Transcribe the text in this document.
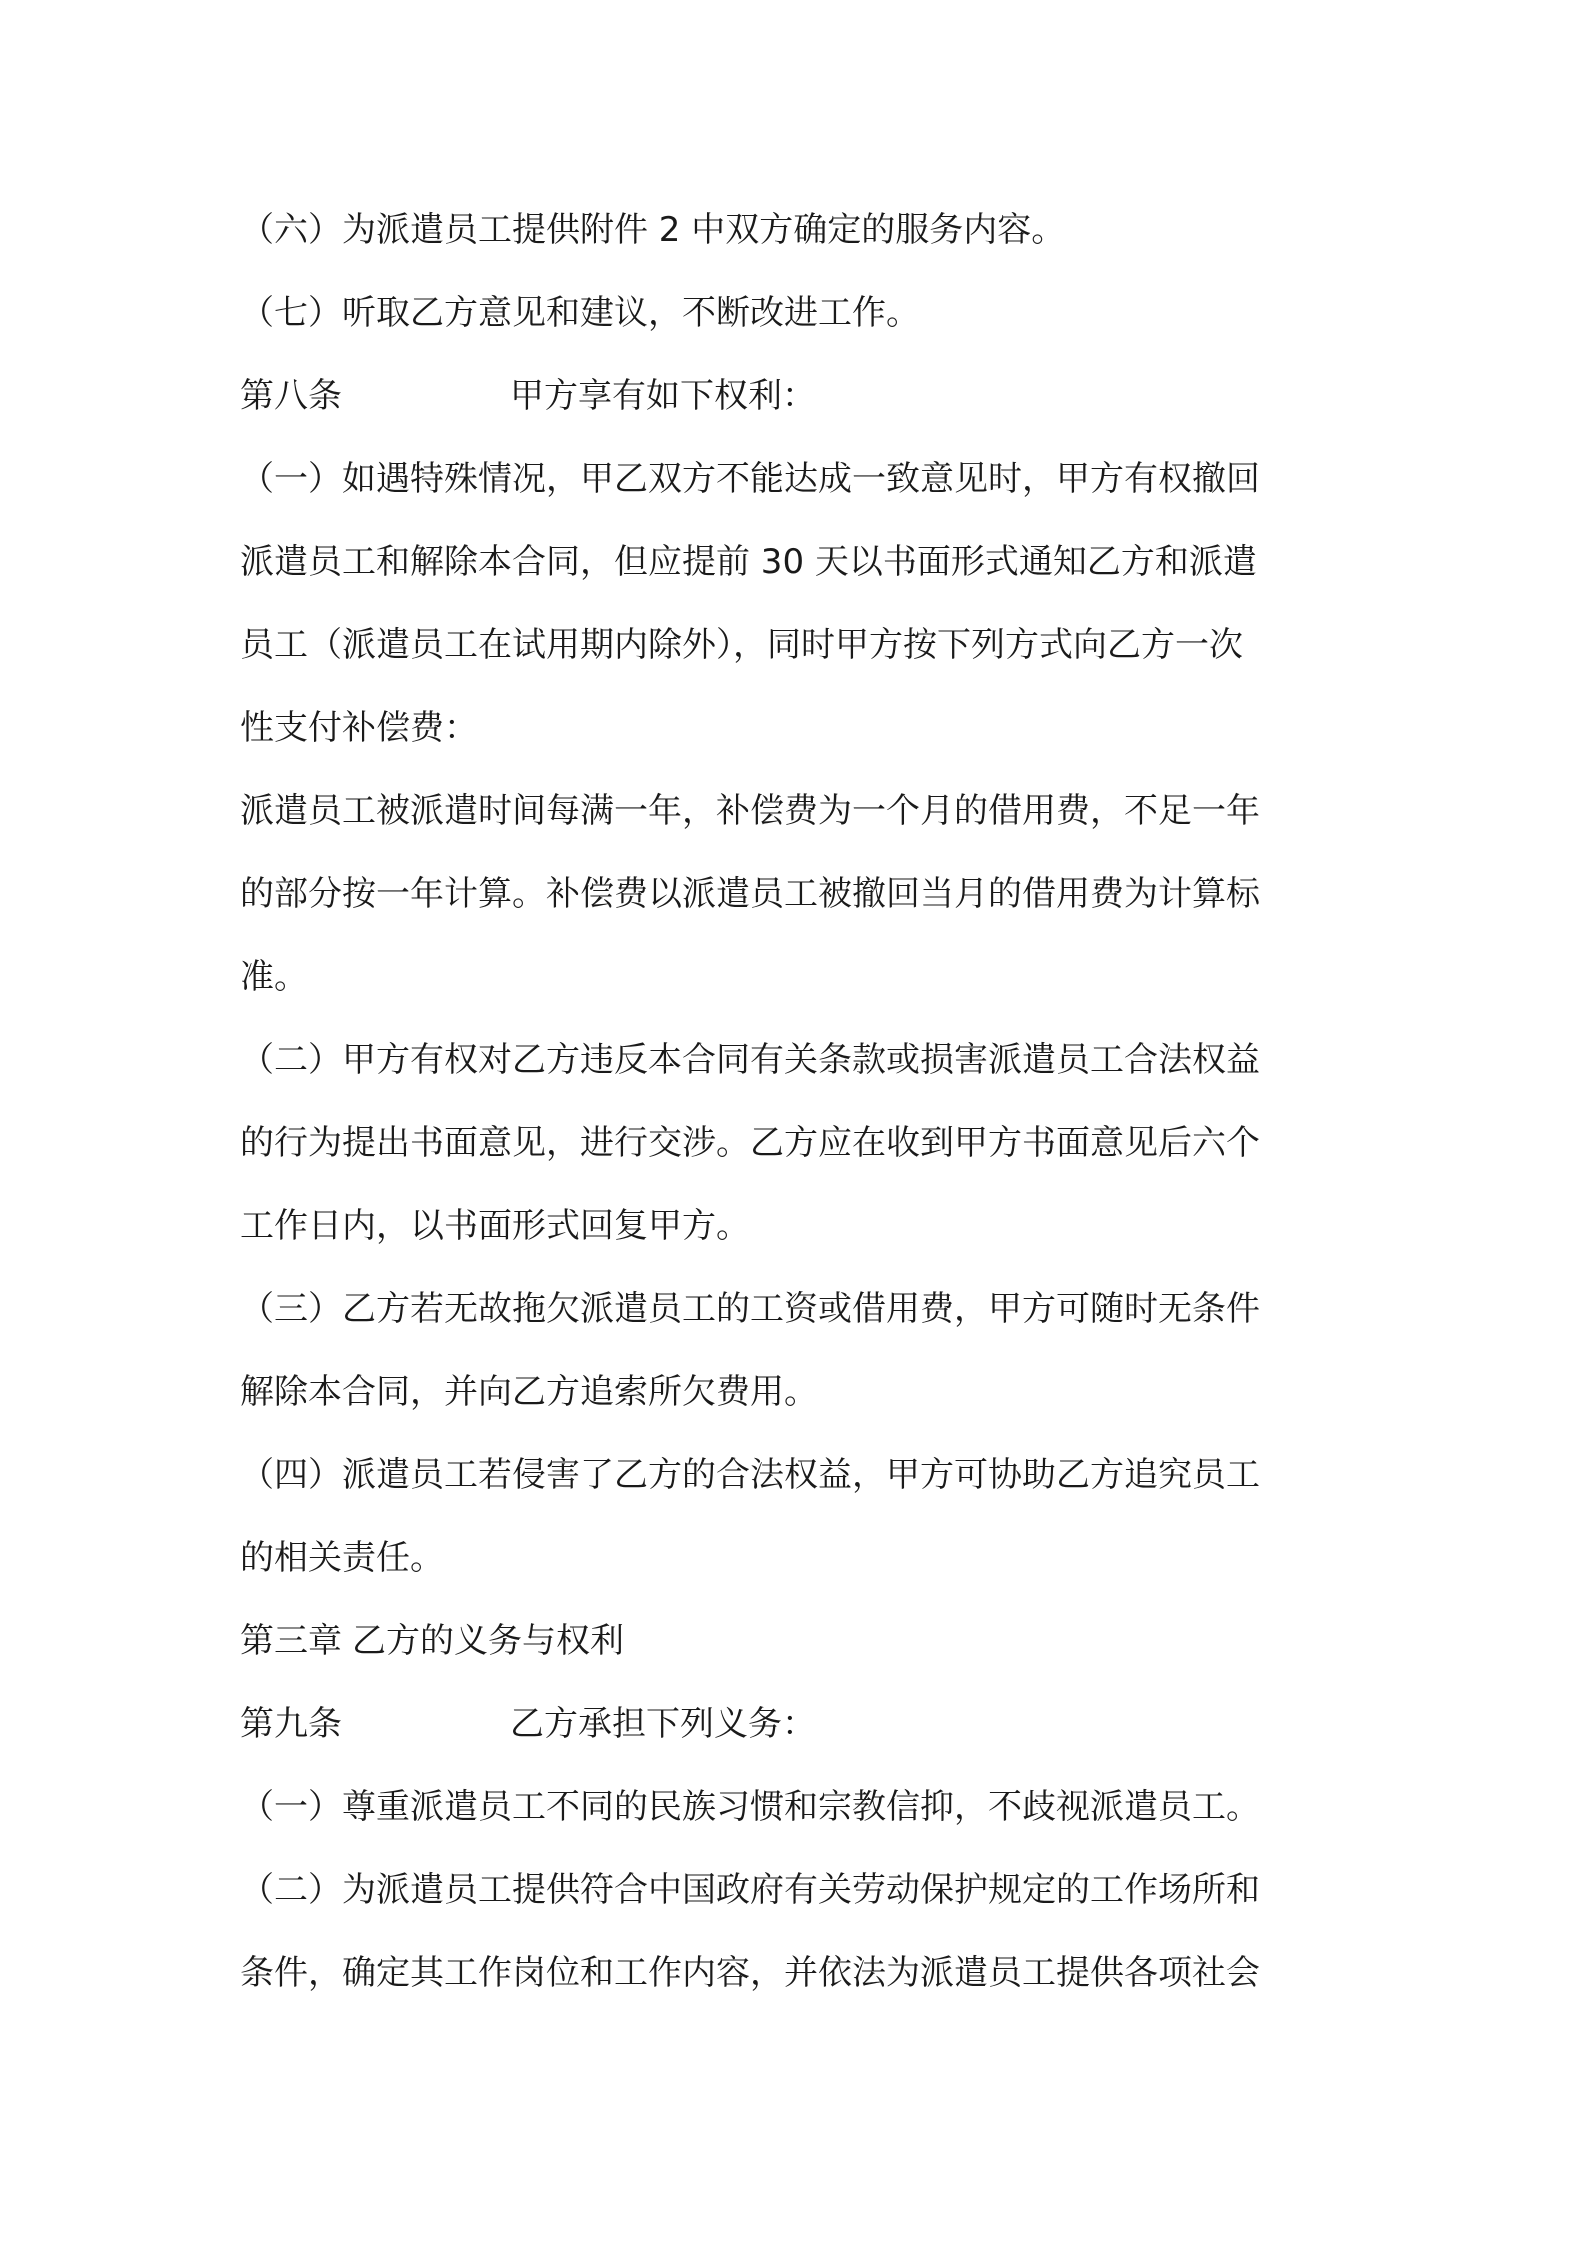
（六）为派遣员工提供附件 2 中双方确定的服务内容。
（七）听取乙方意见和建议，不断改进工作。
第八条	甲方享有如下权利：
（一）如遇特殊情况，甲乙双方不能达成一致意见时，甲方有权撤回
派遣员工和解除本合同，但应提前 30 天以书面形式通知乙方和派遣
员工（派遣员工在试用期内除外），同时甲方按下列方式向乙方一次
性支付补偿费：
派遣员工被派遣时间每满一年，补偿费为一个月的借用费，不足一年
的部分按一年计算。补偿费以派遣员工被撤回当月的借用费为计算标
准。
（二）甲方有权对乙方违反本合同有关条款或损害派遣员工合法权益
的行为提出书面意见，进行交涉。乙方应在收到甲方书面意见后六个
工作日内，以书面形式回复甲方。
（三）乙方若无故拖欠派遣员工的工资或借用费，甲方可随时无条件
解除本合同，并向乙方追索所欠费用。
（四）派遣员工若侵害了乙方的合法权益，甲方可协助乙方追究员工
的相关责任。
第三章 乙方的义务与权利
第九条	乙方承担下列义务：
（一）尊重派遣员工不同的民族习惯和宗教信抑，不歧视派遣员工。
（二）为派遣员工提供符合中国政府有关劳动保护规定的工作场所和
条件，确定其工作岗位和工作内容，并依法为派遣员工提供各项社会
